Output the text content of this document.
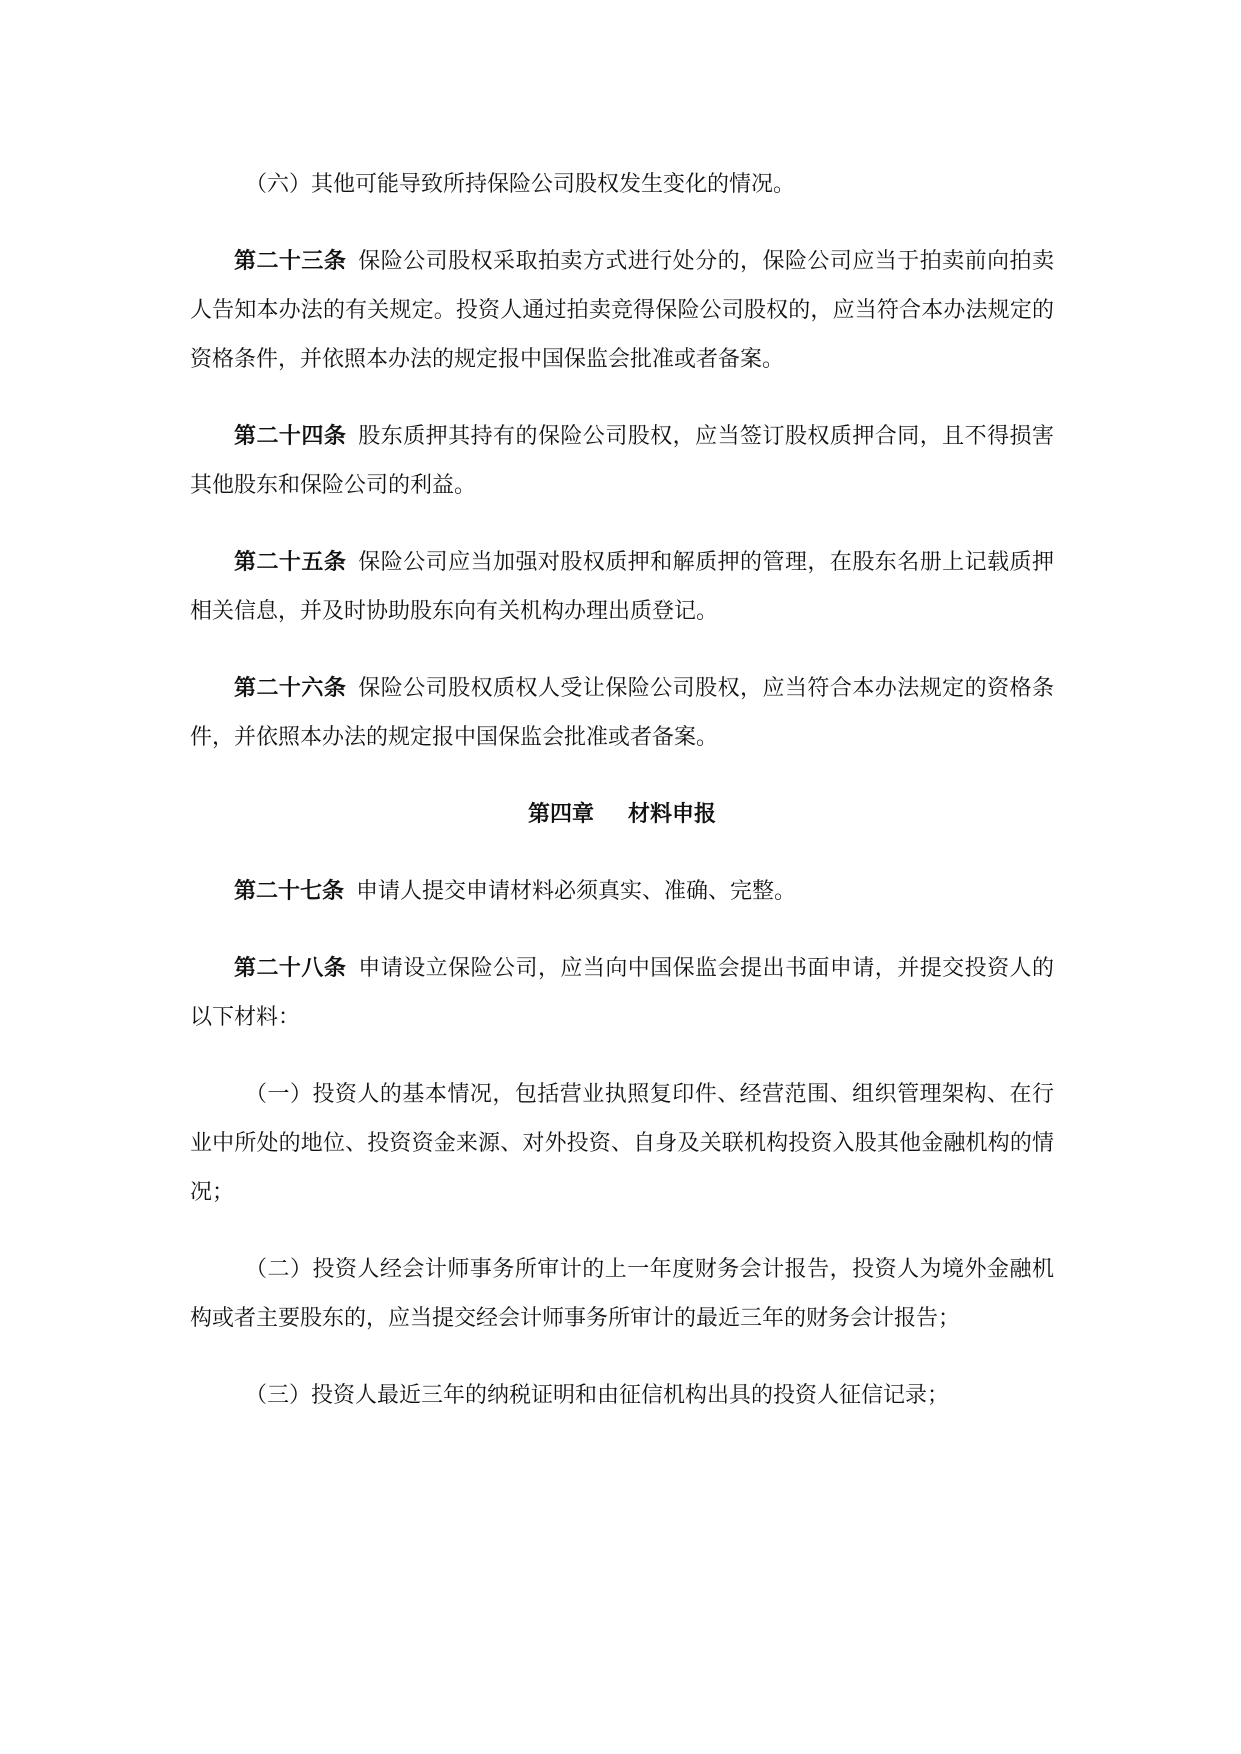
（六）其他可能导致所持保险公司股权发生变化的情况。

第二十三条 保险公司股权采取拍卖方式进行处分的，保险公司应当于拍卖前向拍卖人告知本办法的有关规定。投资人通过拍卖竞得保险公司股权的，应当符合本办法规定的资格条件，并依照本办法的规定报中国保监会批准或者备案。

第二十四条 股东质押其持有的保险公司股权，应当签订股权质押合同，且不得损害其他股东和保险公司的利益。

第二十五条 保险公司应当加强对股权质押和解质押的管理，在股东名册上记载质押相关信息，并及时协助股东向有关机构办理出质登记。

第二十六条 保险公司股权质权人受让保险公司股权，应当符合本办法规定的资格条件，并依照本办法的规定报中国保监会批准或者备案。

第四章 材料申报

第二十七条 申请人提交申请材料必须真实、准确、完整。

第二十八条 申请设立保险公司，应当向中国保监会提出书面申请，并提交投资人的以下材料：

（一）投资人的基本情况，包括营业执照复印件、经营范围、组织管理架构、在行业中所处的地位、投资资金来源、对外投资、自身及关联机构投资入股其他金融机构的情况；

（二）投资人经会计师事务所审计的上一年度财务会计报告，投资人为境外金融机构或者主要股东的，应当提交经会计师事务所审计的最近三年的财务会计报告；

（三）投资人最近三年的纳税证明和由征信机构出具的投资人征信记录；
